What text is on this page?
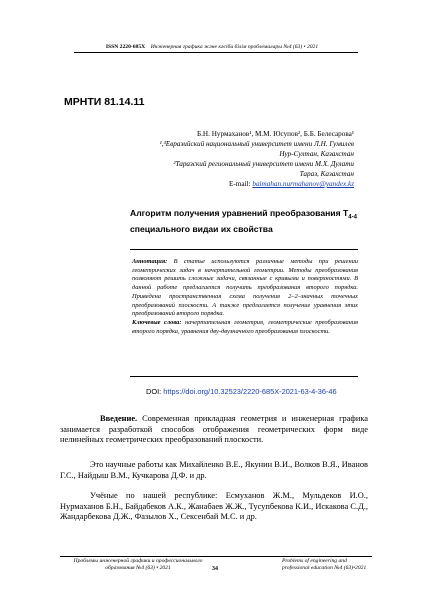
ISSN 2220-685X Инженерная графика және кәсіби білім проблемалары №4 (63) • 2021
МРНТИ 81.14.11
Б.Н. Нурмаханов¹, М.М. Юсупов², Б.Б. Белесарова¹
¹,³Евразийский национальный университет имени Л.Н. Гумилев
Нур-Султан, Казахстан
²Таразский региональный университет имени М.Х. Дулати
Тараз, Казахстан
E-mail: baimahan.nurmahanov@yandex.kz
Алгоритм получения уравнений преобразования $T_{4-4}$
специального видаи их свойства
Аннотация: В статье используются различные методы при решении геометрических задач в начертательной геометрии. Методы преобразования позволяют решить сложные задачи, связанные с кривыми и поверхностями. В данной работе предлагается получить преобразования второго порядка. Приведена пространственная схема получения 2–2–значных точечных преобразований плоскости. А также предлагается получение уравнения этих преобразований второго порядка.
Ключевые слова: начертательная геометрия, геометрические преобразования второго порядка, уравнения дву-двузначного преобразования плоскости.
DOI: https://doi.org/10.32523/2220-685X-2021-63-4-36-46
Введение. Современная прикладная геометрия и инженерная графика занимается разработкой способов отображения геометрических форм виде нелинейных геометрических преобразований плоскости.
Это научные работы как Михайленко В.Е., Якунин В.И., Волков В.Я., Иванов Г.С., Найдыш В.М., Кучкарова Д.Ф. и др.
Учёные по нашей республике: Есмуханов Ж.М., Мульдеков И.О., Нурмаханов Б.Н., Байдабеков А.К., Жанабаев Ж.Ж., Тусупбекова К.И., Искакова С.Д., Жандарбекова Д.Ж., Фазылов Х., Сексенбай М.С. и др.
Проблемы инженерной графики и профессионального образования №4 (63) • 2021	34
Problems of engineering and professional education №4 (63)•2021
